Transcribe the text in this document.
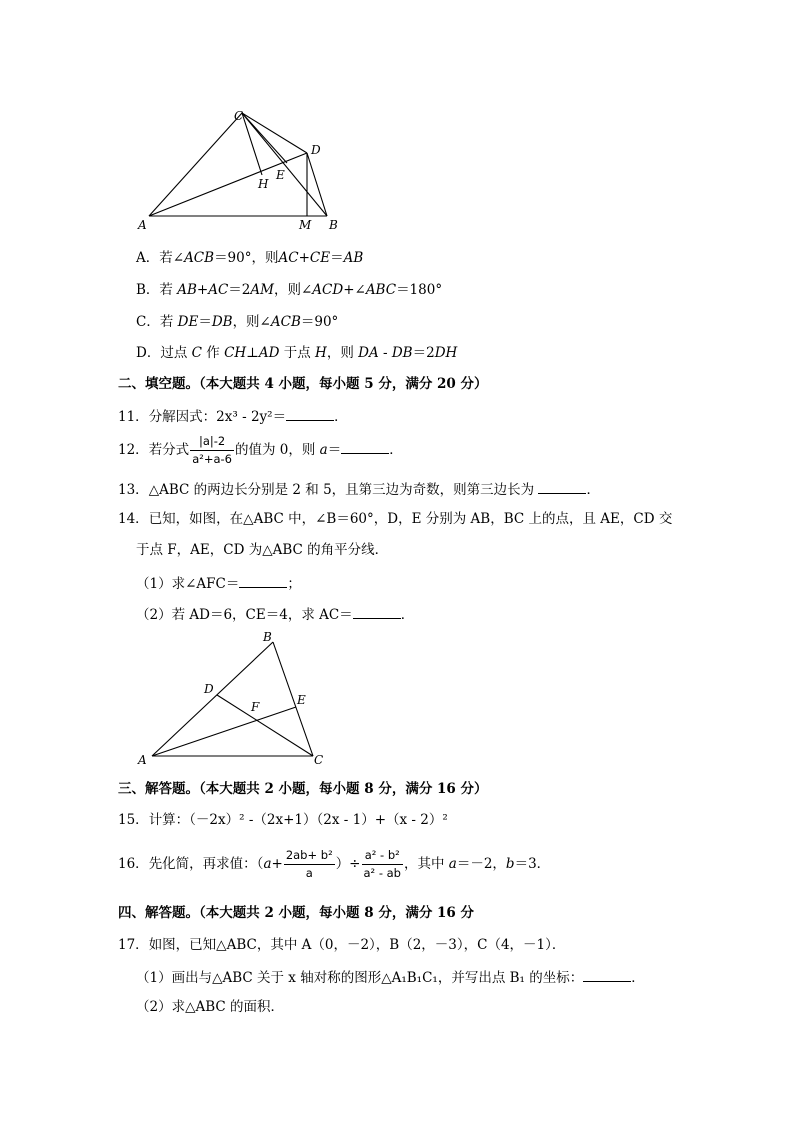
C
D
H
E
A	M B
A．若∠ACB＝90°，则AC+CE＝AB
B．若 AB+AC＝2AM，则∠ACD+∠ABC＝180°
C．若 DE＝DB，则∠ACB＝90°
D．过点 C 作 CH⊥AD 于点 H，则 DA - DB＝2DH
二、填空题。（本大题共 4 小题，每小题 5 分，满分 20 分）
11．分解因式：2x³ - 2y²＝	．
12．若分式 $\frac{|a|-2}{\text{a²+a-6}}$ 的值为 0，则 a＝	．
13．△ABC 的两边长分别是 2 和 5，且第三边为奇数，则第三边长为	．
14．已知，如图，在△ABC 中，∠B＝60°，D，E 分别为 AB，BC 上的点，且 AE，CD 交
于点 F，AE，CD 为△ABC 的角平分线．
（1）求∠AFC＝	；
（2）若 AD＝6，CE＝4，求 AC＝	．
B
D
E
F
A	C
三、解答题。（本大题共 2 小题，每小题 8 分，满分 16 分）
15．计算：（－2x）² -（2x+1）（2x - 1）+（x - 2）²
16．先化简，再求值：（$a+ \frac{\text{2ab+ b²}}{a}$ ）÷ $\frac{\text{a² - b²}}{\text{a² - ab}}$ ，其中 a＝－2，b＝3．
四、解答题。（本大题共 2 小题，每小题 8 分，满分 16 分
17．如图，已知△ABC，其中 A（0，－2），B（2，－3），C（4，－1）．
（1）画出与△ABC 关于 x 轴对称的图形△A₁B₁C₁，并写出点 B₁ 的坐标：	．
（2）求△ABC 的面积．
